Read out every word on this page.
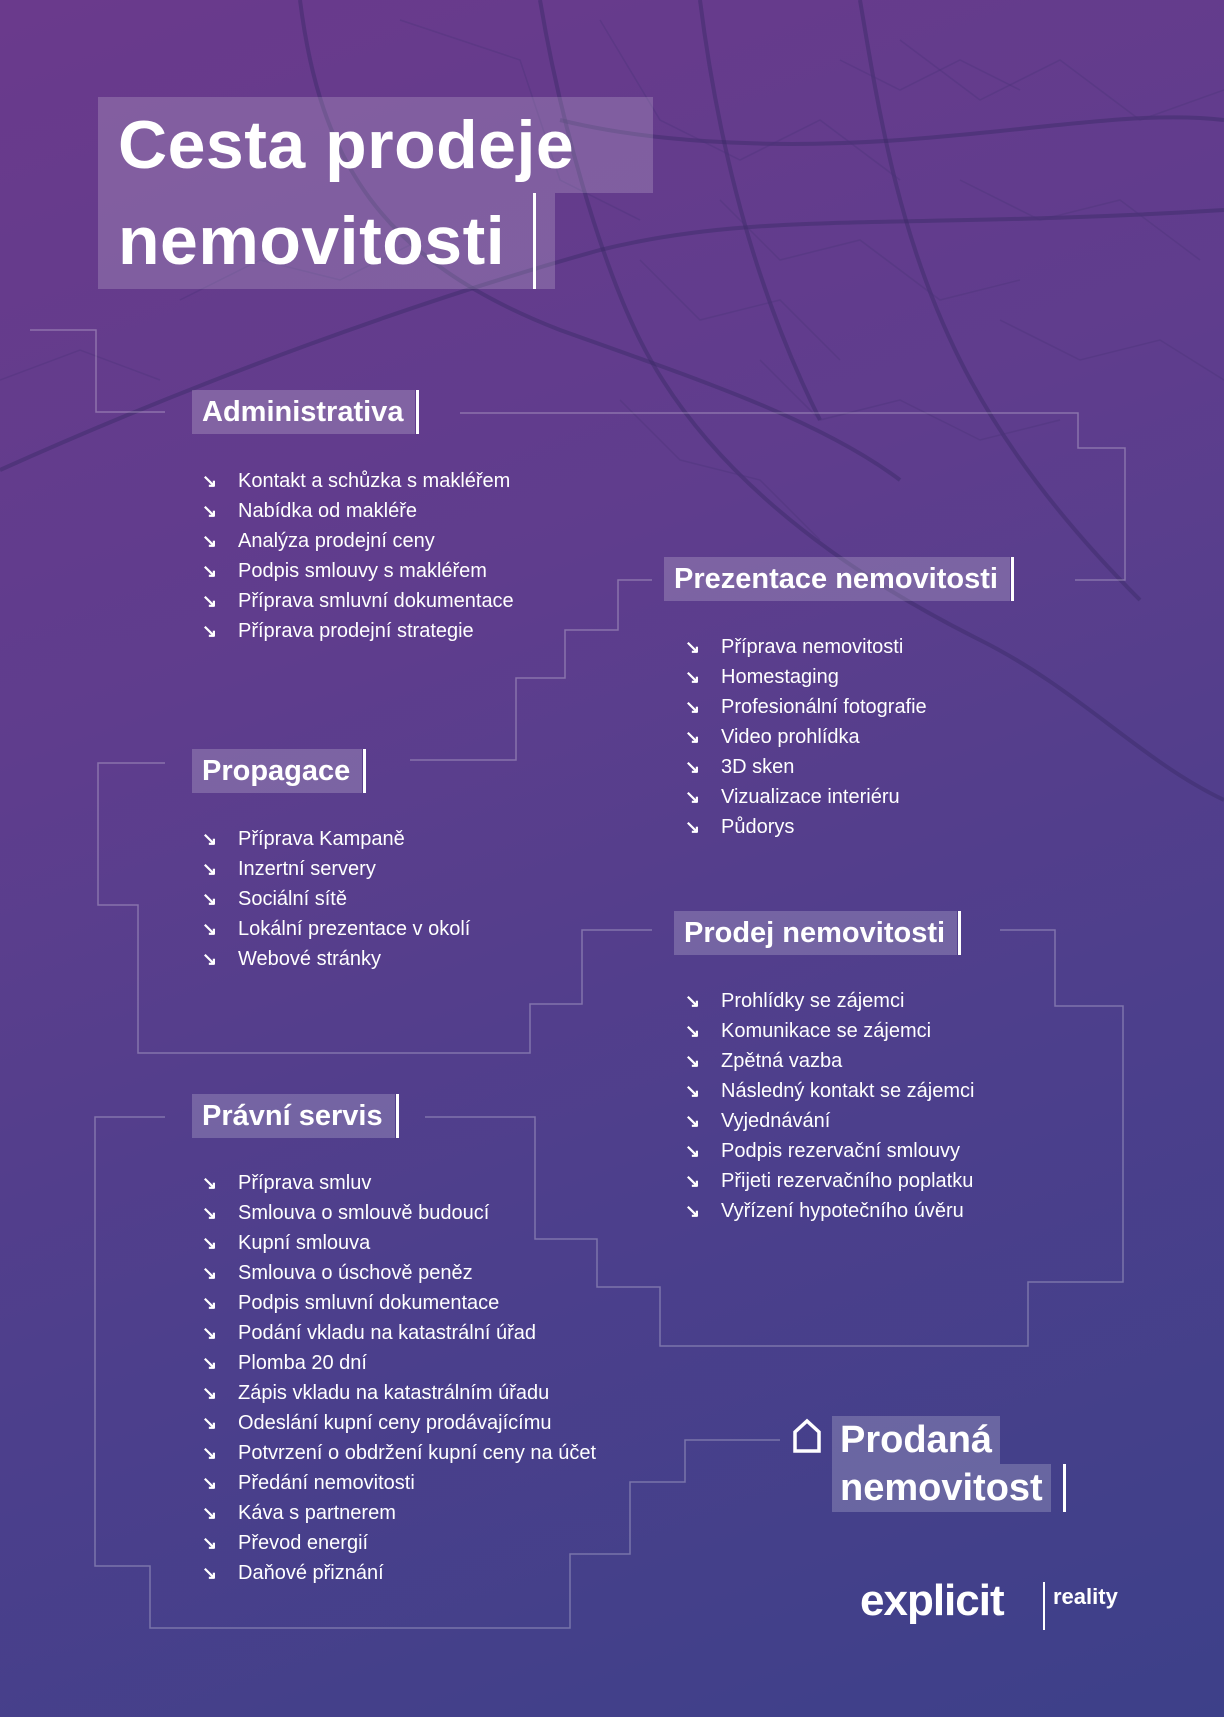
Cesta prodeje
nemovitosti
Administrativa
↘	Kontakt a schůzka s makléřem
↘	Nabídka od makléře
↘	Analýza prodejní ceny
↘	Podpis smlouvy s makléřem
↘	Příprava smluvní dokumentace
↘	Příprava prodejní strategie
Prezentace nemovitosti
↘	Příprava nemovitosti
↘	Homestaging
↘	Profesionální fotografie
↘	Video prohlídka
↘	3D sken
↘	Vizualizace interiéru
↘	Půdorys
Propagace
↘	Příprava Kampaně
↘	Inzertní servery
↘	Sociální sítě
↘	Lokální prezentace v okolí
↘	Webové stránky
Prodej nemovitosti
↘	Prohlídky se zájemci
↘	Komunikace se zájemci
↘	Zpětná vazba
↘	Následný kontakt se zájemci
↘	Vyjednávání
↘	Podpis rezervační smlouvy
↘	Přijeti rezervačního poplatku
↘	Vyřízení hypotečního úvěru
Právní servis
↘	Příprava smluv
↘	Smlouva o smlouvě budoucí
↘	Kupní smlouva
↘	Smlouva o úschově peněz
↘	Podpis smluvní dokumentace
↘	Podání vkladu na katastrální úřad
↘	Plomba 20 dní
↘	Zápis vkladu na katastrálním úřadu
↘	Odeslání kupní ceny prodávajícímu
↘	Potvrzení o obdržení kupní ceny na účet
↘	Předání nemovitosti
↘	Káva s partnerem
↘	Převod energií
↘	Daňové přiznání
Prodaná
nemovitost
explicit reality
